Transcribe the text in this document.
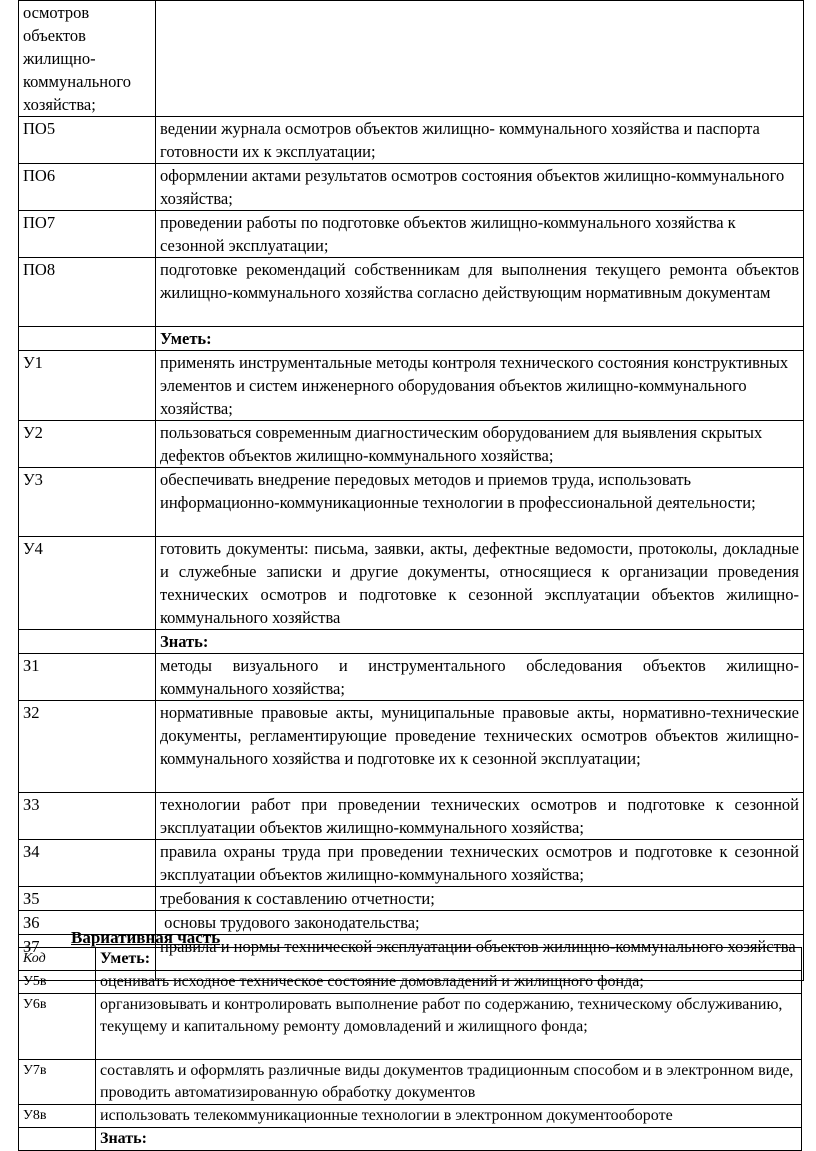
осмотров объектов жилищно-коммунального хозяйства;	
ПО5	ведении журнала осмотров объектов жилищно- коммунального хозяйства и паспорта готовности их к эксплуатации;
ПО6	оформлении актами результатов осмотров состояния объектов жилищно-коммунального хозяйства;
ПО7	проведении работы по подготовке объектов жилищно-коммунального хозяйства к сезонной эксплуатации;
ПО8	подготовке рекомендаций собственникам для выполнения текущего ремонта объектов жилищно-коммунального хозяйства согласно действующим нормативным документам
	Уметь:
У1	применять инструментальные методы контроля технического состояния конструктивных элементов и систем инженерного оборудования объектов жилищно-коммунального хозяйства;
У2	пользоваться современным диагностическим оборудованием для выявления скрытых дефектов объектов жилищно-коммунального хозяйства;
У3	обеспечивать внедрение передовых методов и приемов труда, использовать информационно-коммуникационные технологии в профессиональной деятельности;
У4	готовить документы: письма, заявки, акты, дефектные ведомости, протоколы, докладные и служебные записки и другие документы, относящиеся к организации проведения технических осмотров и подготовке к сезонной эксплуатации объектов жилищно-коммунального хозяйства
	Знать:
З1	методы визуального и инструментального обследования объектов жилищно-коммунального хозяйства;
З2	нормативные правовые акты, муниципальные правовые акты, нормативно-технические документы, регламентирующие проведение технических осмотров объектов жилищно-коммунального хозяйства и подготовке их к сезонной эксплуатации;
З3	технологии работ при проведении технических осмотров и подготовке к сезонной эксплуатации объектов жилищно-коммунального хозяйства;
З4	правила охраны труда при проведении технических осмотров и подготовке к сезонной эксплуатации объектов жилищно-коммунального хозяйства;
З5	требования к составлению отчетности;
З6	основы трудового законодательства;
З7	правила и нормы технической эксплуатации объектов жилищно-коммунального хозяйства
Вариативная часть
Код	Уметь:
У5в	оценивать исходное техническое состояние домовладений и жилищного фонда;
У6в	организовывать и контролировать выполнение работ по содержанию, техническому обслуживанию, текущему и капитальному ремонту домовладений и жилищного фонда;
У7в	составлять и оформлять различные виды документов традиционным способом и в электронном виде, проводить автоматизированную обработку документов
У8в	использовать телекоммуникационные технологии в электронном документообороте
	Знать:
